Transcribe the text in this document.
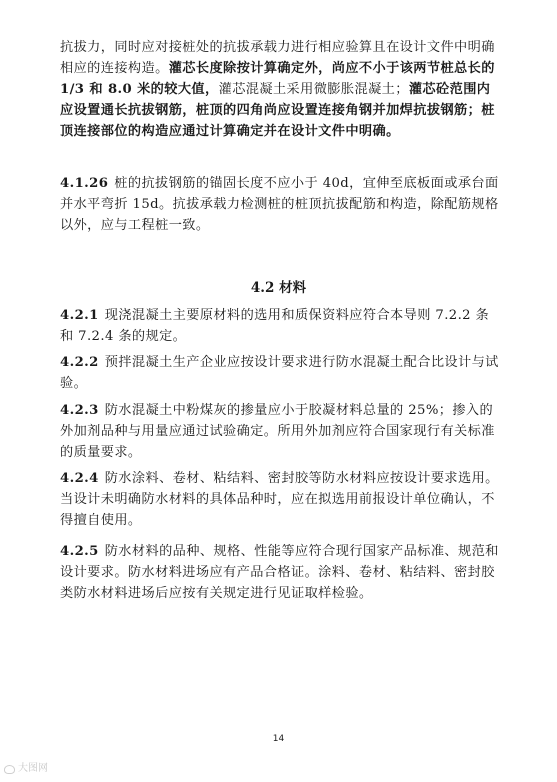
抗拔力，同时应对接桩处的抗拔承载力进行相应验算且在设计文件中明确相应的连接构造。灌芯长度除按计算确定外，尚应不小于该两节桩总长的 1/3 和 8.0 米的较大值，灌芯混凝土采用微膨胀混凝土；灌芯砼范围内应设置通长抗拔钢筋，桩顶的四角尚应设置连接角钢并加焊抗拔钢筋；桩顶连接部位的构造应通过计算确定并在设计文件中明确。

4.1.26 桩的抗拔钢筋的锚固长度不应小于 40d，宜伸至底板面或承台面并水平弯折 15d。抗拔承载力检测桩的桩顶抗拔配筋和构造，除配筋规格以外，应与工程桩一致。

4.2 材料

4.2.1 现浇混凝土主要原材料的选用和质保资料应符合本导则 7.2.2 条和 7.2.4 条的规定。

4.2.2 预拌混凝土生产企业应按设计要求进行防水混凝土配合比设计与试验。

4.2.3 防水混凝土中粉煤灰的掺量应小于胶凝材料总量的 25%；掺入的外加剂品种与用量应通过试验确定。所用外加剂应符合国家现行有关标准的质量要求。

4.2.4 防水涂料、卷材、粘结料、密封胶等防水材料应按设计要求选用。当设计未明确防水材料的具体品种时，应在拟选用前报设计单位确认，不得擅自使用。

4.2.5 防水材料的品种、规格、性能等应符合现行国家产品标准、规范和设计要求。防水材料进场应有产品合格证。涂料、卷材、粘结料、密封胶类防水材料进场后应按有关规定进行见证取样检验。

14
大图网
